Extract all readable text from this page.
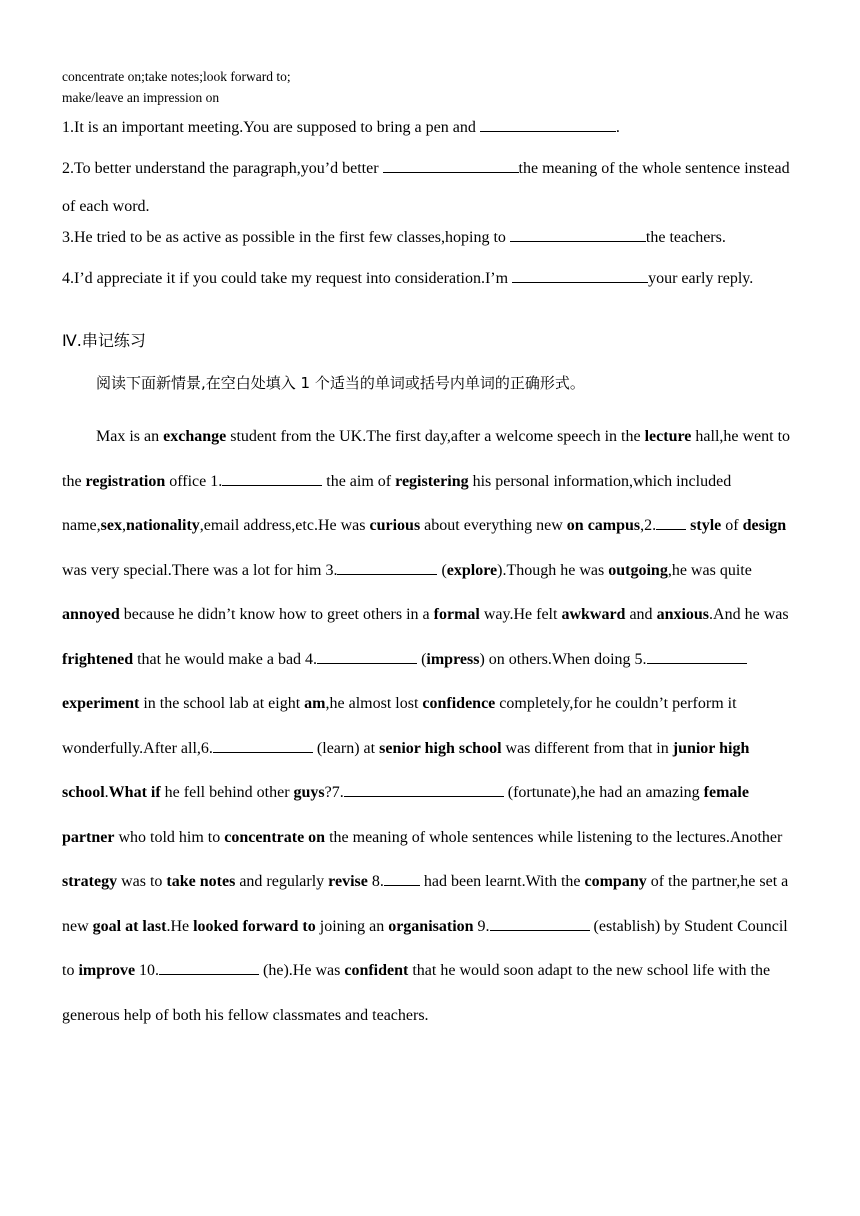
concentrate on;take notes;look forward to;
make/leave an impression on
1.It is an important meeting.You are supposed to bring a pen and	.
2.To better understand the paragraph,you’d better	the meaning of the whole sentence instead of each word.
3.He tried to be as active as possible in the first few classes,hoping to	the teachers.
4.I’d appreciate it if you could take my request into consideration.I’m	your early reply.
Ⅳ.串记练习
阅读下面新情景,在空白处填入 1 个适当的单词或括号内单词的正确形式。
Max is an exchange student from the UK.The first day,after a welcome speech in the lecture hall,he went to the registration office 1.	the aim of registering his personal information,which included name,sex,nationality,email address,etc.He was curious about everything new on campus,2. style of design was very special.There was a lot for him 3.	(explore).Though he was outgoing,he was quite annoyed because he didn’t know how to greet others in a formal way.He felt awkward and anxious.And he was frightened that he would make a bad 4.	(impress) on others.When doing 5. experiment in the school lab at eight am,he almost lost confidence completely,for he couldn’t perform it wonderfully.After all,6.	(learn) at senior high school was different from that in junior high school.What if he fell behind other guys?7.	(fortunate),he had an amazing female partner who told him to concentrate on the meaning of whole sentences while listening to the lectures.Another strategy was to take notes and regularly revise 8. had been learnt.With the company of the partner,he set a new goal at last.He looked forward to joining an organisation 9.	(establish) by Student Council to improve 10.	(he).He was confident that he would soon adapt to the new school life with the generous help of both his fellow classmates and teachers.
